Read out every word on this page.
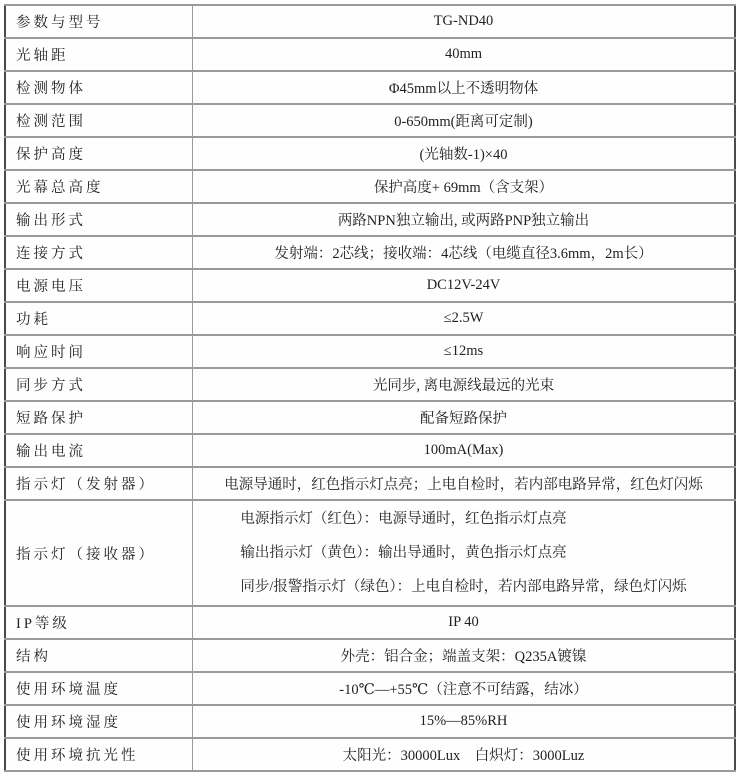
参数与型号	TG-ND40
光轴距	40mm
检测物体	Φ45mm以上不透明物体
检测范围	0-650mm(距离可定制)
保护高度	(光轴数-1)×40
光幕总高度	保护高度+ 69mm（含支架）
输出形式	两路NPN独立输出, 或两路PNP独立输出
连接方式	发射端：2芯线；接收端：4芯线（电缆直径3.6mm，2m长）
电源电压	DC12V-24V
功耗	≤2.5W
响应时间	≤12ms
同步方式	光同步, 离电源线最远的光束
短路保护	配备短路保护
输出电流	100mA(Max)
指示灯（发射器）	电源导通时，红色指示灯点亮；上电自检时，若内部电路异常，红色灯闪烁
指示灯（接收器）	电源指示灯（红色）：电源导通时，红色指示灯点亮
输出指示灯（黄色）：输出导通时，黄色指示灯点亮
同步/报警指示灯（绿色）：上电自检时，若内部电路异常，绿色灯闪烁

IP等级	IP 40
结构	外壳：铝合金；端盖支架：Q235A镀镍
使用环境温度	-10℃—+55℃（注意不可结露，结冰）
使用环境湿度	15%—85%RH
使用环境抗光性	太阳光：30000Lux　白炽灯：3000Luz
